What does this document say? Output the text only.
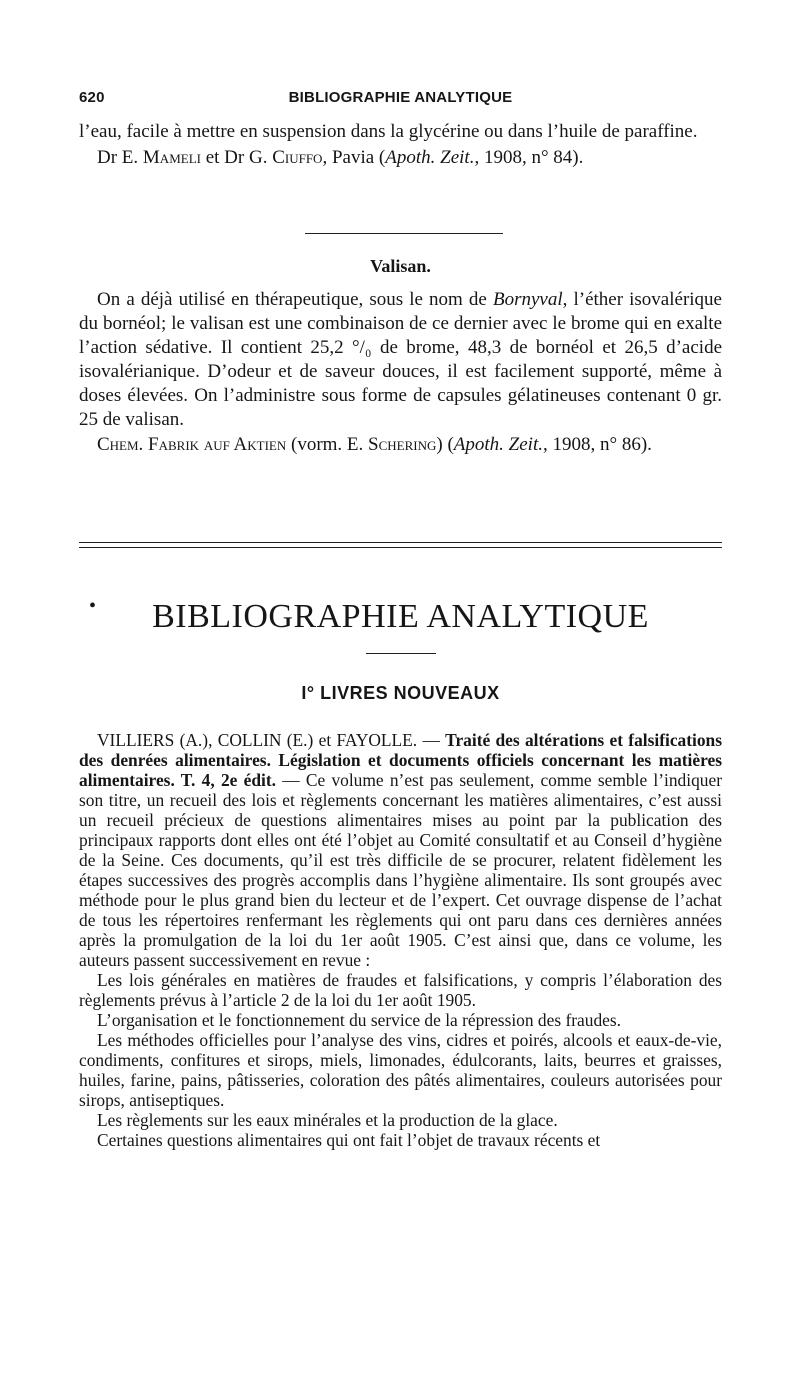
620	BIBLIOGRAPHIE ANALYTIQUE

l’eau, facile à mettre en suspension dans la glycérine ou dans l’huile de paraffine.

Dr E. Mameli et Dr G. Ciuffo, Pavia (Apoth. Zeit., 1908, n° 84).

Valisan.

On a déjà utilisé en thérapeutique, sous le nom de Bornyval, l’éther isovalérique du bornéol; le valisan est une combinaison de ce dernier avec le brome qui en exalte l’action sédative. Il contient 25,2 °/₀ de brome, 48,3 de bornéol et 26,5 d’acide isovalérianique. D’odeur et de saveur douces, il est facilement supporté, même à doses élevées. On l’administre sous forme de capsules gélatineuses contenant 0 gr. 25 de valisan.

Chem. Fabrik auf Aktien (vorm. E. Schering) (Apoth. Zeit., 1908, n° 86).

•	BIBLIOGRAPHIE ANALYTIQUE
I° LIVRES NOUVEAUX

VILLIERS (A.), COLLIN (E.) et FAYOLLE. — Traité des altérations et falsifications des denrées alimentaires. Législation et documents officiels concernant les matières alimentaires. T. 4, 2e édit. — Ce volume n’est pas seulement, comme semble l’indiquer son titre, un recueil des lois et règlements concernant les matières alimentaires, c’est aussi un recueil précieux de questions alimentaires mises au point par la publication des principaux rapports dont elles ont été l’objet au Comité consultatif et au Conseil d’hygiène de la Seine. Ces documents, qu’il est très difficile de se procurer, relatent fidèlement les étapes successives des progrès accomplis dans l’hygiène alimentaire. Ils sont groupés avec méthode pour le plus grand bien du lecteur et de l’expert. Cet ouvrage dispense de l’achat de tous les répertoires renfermant les règlements qui ont paru dans ces dernières années après la promulgation de la loi du 1er août 1905. C’est ainsi que, dans ce volume, les auteurs passent successivement en revue :

Les lois générales en matières de fraudes et falsifications, y compris l’élaboration des règlements prévus à l’article 2 de la loi du 1er août 1905.

L’organisation et le fonctionnement du service de la répression des fraudes.

Les méthodes officielles pour l’analyse des vins, cidres et poirés, alcools et eaux-de-vie, condiments, confitures et sirops, miels, limonades, édulcorants, laits, beurres et graisses, huiles, farine, pains, pâtisseries, coloration des pâtés alimentaires, couleurs autorisées pour sirops, antiseptiques.

Les règlements sur les eaux minérales et la production de la glace.

Certaines questions alimentaires qui ont fait l’objet de travaux récents et
